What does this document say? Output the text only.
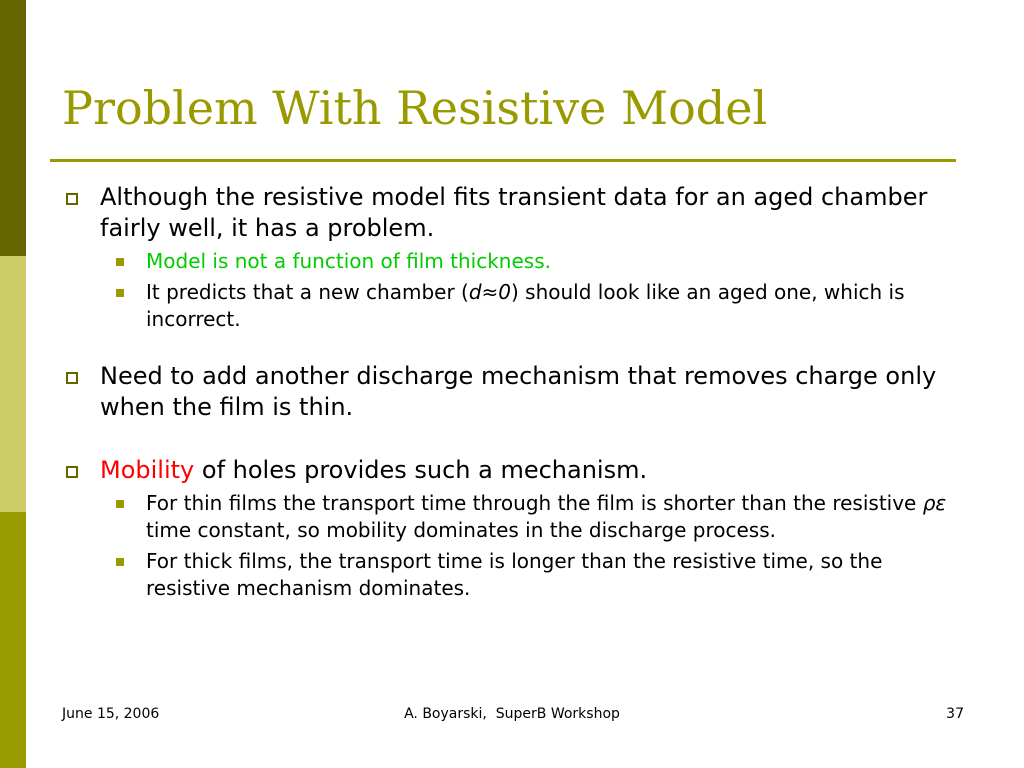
Problem With Resistive Model
Although the resistive model fits transient data for an aged chamber fairly well, it has a problem.
Model is not a function of film thickness.
It predicts that a new chamber (d≈0) should look like an aged one, which is incorrect.
Need to add another discharge mechanism that removes charge only when the film is thin.
Mobility of holes provides such a mechanism.
For thin films the transport time through the film is shorter than the resistive ρε time constant, so mobility dominates in the discharge process.
For thick films, the transport time is longer than the resistive time, so the resistive mechanism dominates.
June 15, 2006	A. Boyarski,  SuperB Workshop	37
